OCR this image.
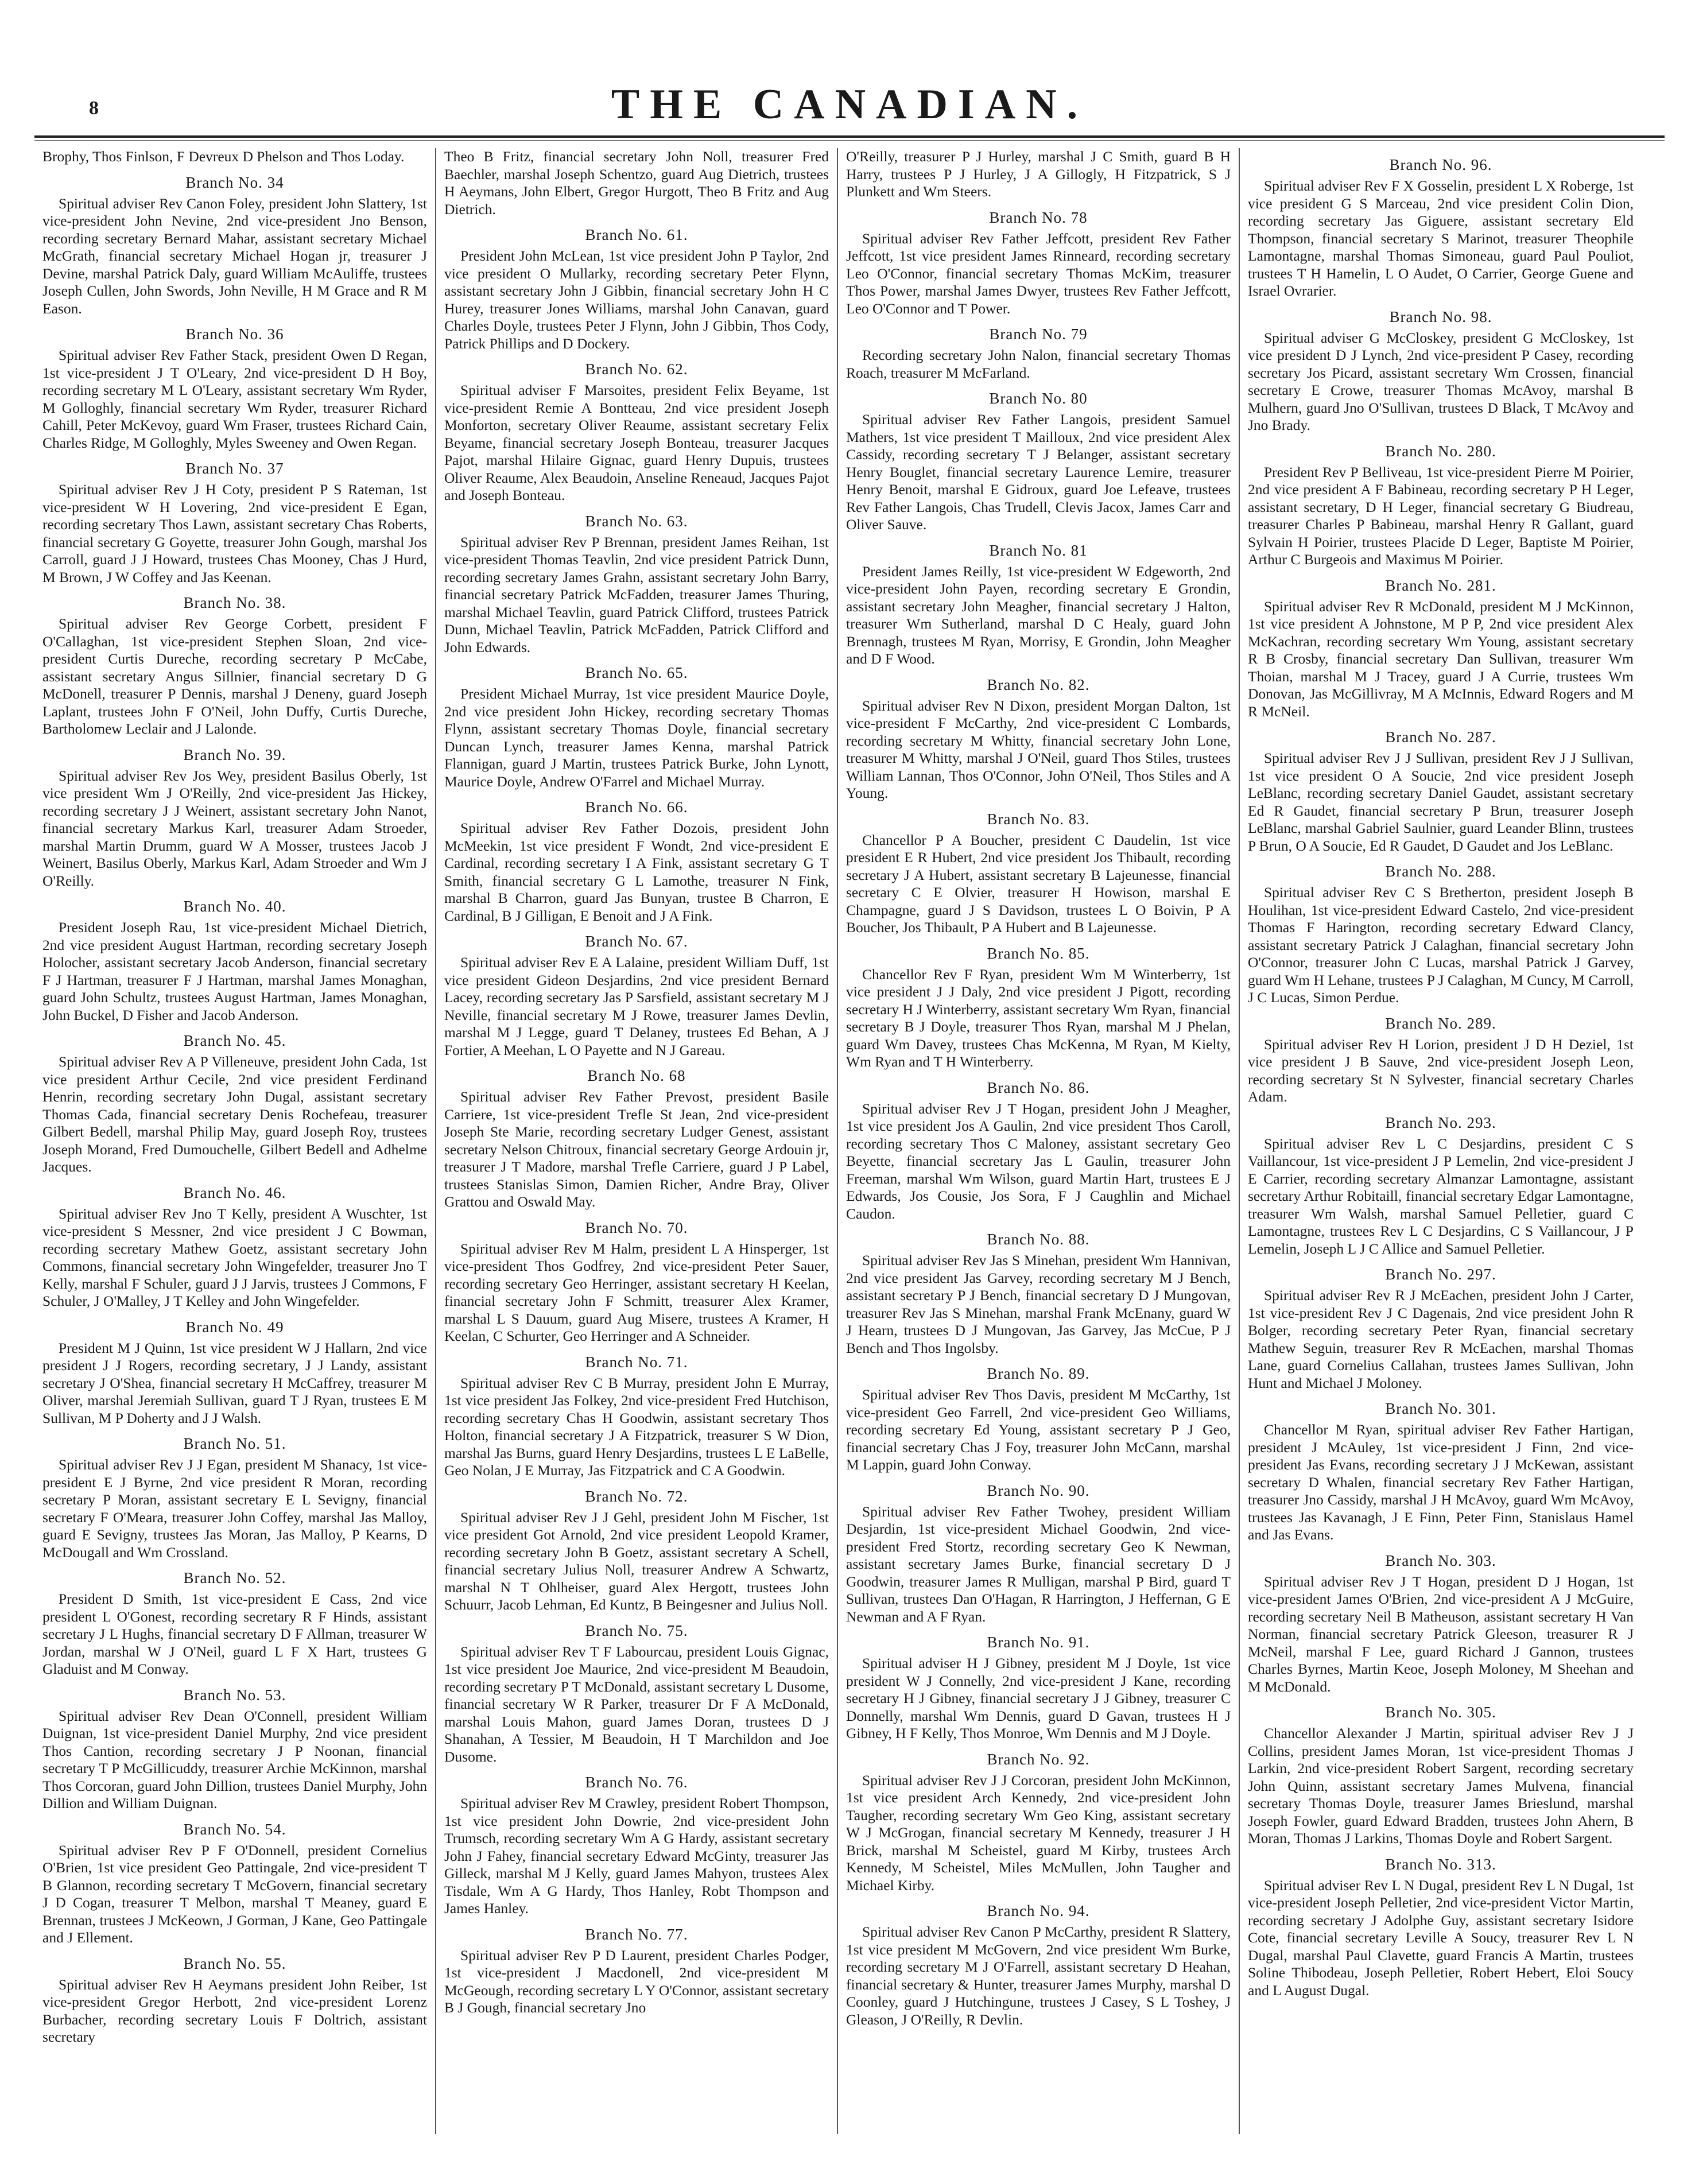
8	THE CANADIAN.

Brophy, Thos Finlson, F Devreux D Phelson and Thos Loday.

Branch No. 34

Spiritual adviser Rev Canon Foley, president John Slattery, 1st vice-president John Nevine, 2nd vice-president Jno Benson, recording secretary Bernard Mahar, assistant secretary Michael McGrath, financial secretary Michael Hogan jr, treasurer J Devine, marshal Patrick Daly, guard William McAuliffe, trustees Joseph Cullen, John Swords, John Neville, H M Grace and R M Eason.

Branch No. 36

Spiritual adviser Rev Father Stack, president Owen D Regan, 1st vice-president J T O'Leary, 2nd vice-president D H Boy, recording secretary M L O'Leary, assistant secretary Wm Ryder, M Golloghly, financial secretary Wm Ryder, treasurer Richard Cahill, Peter McKevoy, guard Wm Fraser, trustees Richard Cain, Charles Ridge, M Golloghly, Myles Sweeney and Owen Regan.

Branch No. 37

Spiritual adviser Rev J H Coty, president P S Rateman, 1st vice-president W H Lovering, 2nd vice-president E Egan, recording secretary Thos Lawn, assistant secretary Chas Roberts, financial secretary G Goyette, treasurer John Gough, marshal Jos Carroll, guard J J Howard, trustees Chas Mooney, Chas J Hurd, M Brown, J W Coffey and Jas Keenan.

Branch No. 38.

Spiritual adviser Rev George Corbett, president F O'Callaghan, 1st vice-president Stephen Sloan, 2nd vice-president Curtis Dureche, recording secretary P McCabe, assistant secretary Angus Sillnier, financial secretary D G McDonell, treasurer P Dennis, marshal J Deneny, guard Joseph Laplant, trustees John F O'Neil, John Duffy, Curtis Dureche, Bartholomew Leclair and J Lalonde.

Branch No. 39.

Spiritual adviser Rev Jos Wey, president Basilus Oberly, 1st vice president Wm J O'Reilly, 2nd vice-president Jas Hickey, recording secretary J J Weinert, assistant secretary John Nanot, financial secretary Markus Karl, treasurer Adam Stroeder, marshal Martin Drumm, guard W A Mosser, trustees Jacob J Weinert, Basilus Oberly, Markus Karl, Adam Stroeder and Wm J O'Reilly.

Branch No. 40.

President Joseph Rau, 1st vice-president Michael Dietrich, 2nd vice president August Hartman, recording secretary Joseph Holocher, assistant secretary Jacob Anderson, financial secretary F J Hartman, treasurer F J Hartman, marshal James Monaghan, guard John Schultz, trustees August Hartman, James Monaghan, John Buckel, D Fisher and Jacob Anderson.

Branch No. 45.

Spiritual adviser Rev A P Villeneuve, president John Cada, 1st vice president Arthur Cecile, 2nd vice president Ferdinand Henrin, recording secretary John Dugal, assistant secretary Thomas Cada, financial secretary Denis Rochefeau, treasurer Gilbert Bedell, marshal Philip May, guard Joseph Roy, trustees Joseph Morand, Fred Dumouchelle, Gilbert Bedell and Adhelme Jacques.

Branch No. 46.

Spiritual adviser Rev Jno T Kelly, president A Wuschter, 1st vice-president S Messner, 2nd vice president J C Bowman, recording secretary Mathew Goetz, assistant secretary John Commons, financial secretary John Wingefelder, treasurer Jno T Kelly, marshal F Schuler, guard J J Jarvis, trustees J Commons, F Schuler, J O'Malley, J T Kelley and John Wingefelder.

Branch No. 49

President M J Quinn, 1st vice president W J Hallarn, 2nd vice president J J Rogers, recording secretary, J J Landy, assistant secretary J O'Shea, financial secretary H McCaffrey, treasurer M Oliver, marshal Jeremiah Sullivan, guard T J Ryan, trustees E M Sullivan, M P Doherty and J J Walsh.

Branch No. 51.

Spiritual adviser Rev J J Egan, president M Shanacy, 1st vice-president E J Byrne, 2nd vice president R Moran, recording secretary P Moran, assistant secretary E L Sevigny, financial secretary F O'Meara, treasurer John Coffey, marshal Jas Malloy, guard E Sevigny, trustees Jas Moran, Jas Malloy, P Kearns, D McDougall and Wm Crossland.

Branch No. 52.

President D Smith, 1st vice-president E Cass, 2nd vice president L O'Gonest, recording secretary R F Hinds, assistant secretary J L Hughs, financial secretary D F Allman, treasurer W Jordan, marshal W J O'Neil, guard L F X Hart, trustees G Gladuist and M Conway.

Branch No. 53.

Spiritual adviser Rev Dean O'Connell, president William Duignan, 1st vice-president Daniel Murphy, 2nd vice president Thos Cantion, recording secretary J P Noonan, financial secretary T P McGillicuddy, treasurer Archie McKinnon, marshal Thos Corcoran, guard John Dillion, trustees Daniel Murphy, John Dillion and William Duignan.

Branch No. 54.

Spiritual adviser Rev P F O'Donnell, president Cornelius O'Brien, 1st vice president Geo Pattingale, 2nd vice-president T B Glannon, recording secretary T McGovern, financial secretary J D Cogan, treasurer T Melbon, marshal T Meaney, guard E Brennan, trustees J McKeown, J Gorman, J Kane, Geo Pattingale and J Ellement.

Branch No. 55.

Spiritual adviser Rev H Aeymans president John Reiber, 1st vice-president Gregor Herbott, 2nd vice-president Lorenz Burbacher, recording secretary Louis F Doltrich, assistant secretary

Theo B Fritz, financial secretary John Noll, treasurer Fred Baechler, marshal Joseph Schentzo, guard Aug Dietrich, trustees H Aeymans, John Elbert, Gregor Hurgott, Theo B Fritz and Aug Dietrich.

Branch No. 61.

President John McLean, 1st vice president John P Taylor, 2nd vice president O Mullarky, recording secretary Peter Flynn, assistant secretary John J Gibbin, financial secretary John H C Hurey, treasurer Jones Williams, marshal John Canavan, guard Charles Doyle, trustees Peter J Flynn, John J Gibbin, Thos Cody, Patrick Phillips and D Dockery.

Branch No. 62.

Spiritual adviser F Marsoites, president Felix Beyame, 1st vice-president Remie A Bontteau, 2nd vice president Joseph Monforton, secretary Oliver Reaume, assistant secretary Felix Beyame, financial secretary Joseph Bonteau, treasurer Jacques Pajot, marshal Hilaire Gignac, guard Henry Dupuis, trustees Oliver Reaume, Alex Beaudoin, Anseline Reneaud, Jacques Pajot and Joseph Bonteau.

Branch No. 63.

Spiritual adviser Rev P Brennan, president James Reihan, 1st vice-president Thomas Teavlin, 2nd vice president Patrick Dunn, recording secretary James Grahn, assistant secretary John Barry, financial secretary Patrick McFadden, treasurer James Thuring, marshal Michael Teavlin, guard Patrick Clifford, trustees Patrick Dunn, Michael Teavlin, Patrick McFadden, Patrick Clifford and John Edwards.

Branch No. 65.

President Michael Murray, 1st vice president Maurice Doyle, 2nd vice president John Hickey, recording secretary Thomas Flynn, assistant secretary Thomas Doyle, financial secretary Duncan Lynch, treasurer James Kenna, marshal Patrick Flannigan, guard J Martin, trustees Patrick Burke, John Lynott, Maurice Doyle, Andrew O'Farrel and Michael Murray.

Branch No. 66.

Spiritual adviser Rev Father Dozois, president John McMeekin, 1st vice president F Wondt, 2nd vice-president E Cardinal, recording secretary I A Fink, assistant secretary G T Smith, financial secretary G L Lamothe, treasurer N Fink, marshal B Charron, guard Jas Bunyan, trustee B Charron, E Cardinal, B J Gilligan, E Benoit and J A Fink.

Branch No. 67.

Spiritual adviser Rev E A Lalaine, president William Duff, 1st vice president Gideon Desjardins, 2nd vice president Bernard Lacey, recording secretary Jas P Sarsfield, assistant secretary M J Neville, financial secretary M J Rowe, treasurer James Devlin, marshal M J Legge, guard T Delaney, trustees Ed Behan, A J Fortier, A Meehan, L O Payette and N J Gareau.

Branch No. 68

Spiritual adviser Rev Father Prevost, president Basile Carriere, 1st vice-president Trefle St Jean, 2nd vice-president Joseph Ste Marie, recording secretary Ludger Genest, assistant secretary Nelson Chitroux, financial secretary George Ardouin jr, treasurer J T Madore, marshal Trefle Carriere, guard J P Label, trustees Stanislas Simon, Damien Richer, Andre Bray, Oliver Grattou and Oswald May.

Branch No. 70.

Spiritual adviser Rev M Halm, president L A Hinsperger, 1st vice-president Thos Godfrey, 2nd vice-president Peter Sauer, recording secretary Geo Herringer, assistant secretary H Keelan, financial secretary John F Schmitt, treasurer Alex Kramer, marshal L S Dauum, guard Aug Misere, trustees A Kramer, H Keelan, C Schurter, Geo Herringer and A Schneider.

Branch No. 71.

Spiritual adviser Rev C B Murray, president John E Murray, 1st vice president Jas Folkey, 2nd vice-president Fred Hutchison, recording secretary Chas H Goodwin, assistant secretary Thos Holton, financial secretary J A Fitzpatrick, treasurer S W Dion, marshal Jas Burns, guard Henry Desjardins, trustees L E LaBelle, Geo Nolan, J E Murray, Jas Fitzpatrick and C A Goodwin.

Branch No. 72.

Spiritual adviser Rev J J Gehl, president John M Fischer, 1st vice president Got Arnold, 2nd vice president Leopold Kramer, recording secretary John B Goetz, assistant secretary A Schell, financial secretary Julius Noll, treasurer Andrew A Schwartz, marshal N T Ohlheiser, guard Alex Hergott, trustees John Schuurr, Jacob Lehman, Ed Kuntz, B Beingesner and Julius Noll.

Branch No. 75.

Spiritual adviser Rev T F Labourcau, president Louis Gignac, 1st vice president Joe Maurice, 2nd vice-president M Beaudoin, recording secretary P T McDonald, assistant secretary L Dusome, financial secretary W R Parker, treasurer Dr F A McDonald, marshal Louis Mahon, guard James Doran, trustees D J Shanahan, A Tessier, M Beaudoin, H T Marchildon and Joe Dusome.

Branch No. 76.

Spiritual adviser Rev M Crawley, president Robert Thompson, 1st vice president John Dowrie, 2nd vice-president John Trumsch, recording secretary Wm A G Hardy, assistant secretary John J Fahey, financial secretary Edward McGinty, treasurer Jas Gilleck, marshal M J Kelly, guard James Mahyon, trustees Alex Tisdale, Wm A G Hardy, Thos Hanley, Robt Thompson and James Hanley.

Branch No. 77.

Spiritual adviser Rev P D Laurent, president Charles Podger, 1st vice-president J Macdonell, 2nd vice-president M McGeough, recording secretary L Y O'Connor, assistant secretary B J Gough, financial secretary Jno

O'Reilly, treasurer P J Hurley, marshal J C Smith, guard B H Harry, trustees P J Hurley, J A Gillogly, H Fitzpatrick, S J Plunkett and Wm Steers.

Branch No. 78

Spiritual adviser Rev Father Jeffcott, president Rev Father Jeffcott, 1st vice president James Rinneard, recording secretary Leo O'Connor, financial secretary Thomas McKim, treasurer Thos Power, marshal James Dwyer, trustees Rev Father Jeffcott, Leo O'Connor and T Power.

Branch No. 79

Recording secretary John Nalon, financial secretary Thomas Roach, treasurer M McFarland.

Branch No. 80

Spiritual adviser Rev Father Langois, president Samuel Mathers, 1st vice president T Mailloux, 2nd vice president Alex Cassidy, recording secretary T J Belanger, assistant secretary Henry Bouglet, financial secretary Laurence Lemire, treasurer Henry Benoit, marshal E Gidroux, guard Joe Lefeave, trustees Rev Father Langois, Chas Trudell, Clevis Jacox, James Carr and Oliver Sauve.

Branch No. 81

President James Reilly, 1st vice-president W Edgeworth, 2nd vice-president John Payen, recording secretary E Grondin, assistant secretary John Meagher, financial secretary J Halton, treasurer Wm Sutherland, marshal D C Healy, guard John Brennagh, trustees M Ryan, Morrisy, E Grondin, John Meagher and D F Wood.

Branch No. 82.

Spiritual adviser Rev N Dixon, president Morgan Dalton, 1st vice-president F McCarthy, 2nd vice-president C Lombards, recording secretary M Whitty, financial secretary John Lone, treasurer M Whitty, marshal J O'Neil, guard Thos Stiles, trustees William Lannan, Thos O'Connor, John O'Neil, Thos Stiles and A Young.

Branch No. 83.

Chancellor P A Boucher, president C Daudelin, 1st vice president E R Hubert, 2nd vice president Jos Thibault, recording secretary J A Hubert, assistant secretary B Lajeunesse, financial secretary C E Olvier, treasurer H Howison, marshal E Champagne, guard J S Davidson, trustees L O Boivin, P A Boucher, Jos Thibault, P A Hubert and B Lajeunesse.

Branch No. 85.

Chancellor Rev F Ryan, president Wm M Winterberry, 1st vice president J J Daly, 2nd vice president J Pigott, recording secretary H J Winterberry, assistant secretary Wm Ryan, financial secretary B J Doyle, treasurer Thos Ryan, marshal M J Phelan, guard Wm Davey, trustees Chas McKenna, M Ryan, M Kielty, Wm Ryan and T H Winterberry.

Branch No. 86.

Spiritual adviser Rev J T Hogan, president John J Meagher, 1st vice president Jos A Gaulin, 2nd vice president Thos Caroll, recording secretary Thos C Maloney, assistant secretary Geo Beyette, financial secretary Jas L Gaulin, treasurer John Freeman, marshal Wm Wilson, guard Martin Hart, trustees E J Edwards, Jos Cousie, Jos Sora, F J Caughlin and Michael Caudon.

Branch No. 88.

Spiritual adviser Rev Jas S Minehan, president Wm Hannivan, 2nd vice president Jas Garvey, recording secretary M J Bench, assistant secretary P J Bench, financial secretary D J Mungovan, treasurer Rev Jas S Minehan, marshal Frank McEnany, guard W J Hearn, trustees D J Mungovan, Jas Garvey, Jas McCue, P J Bench and Thos Ingolsby.

Branch No. 89.

Spiritual adviser Rev Thos Davis, president M McCarthy, 1st vice-president Geo Farrell, 2nd vice-president Geo Williams, recording secretary Ed Young, assistant secretary P J Geo, financial secretary Chas J Foy, treasurer John McCann, marshal M Lappin, guard John Conway.

Branch No. 90.

Spiritual adviser Rev Father Twohey, president William Desjardin, 1st vice-president Michael Goodwin, 2nd vice-president Fred Stortz, recording secretary Geo K Newman, assistant secretary James Burke, financial secretary D J Goodwin, treasurer James R Mulligan, marshal P Bird, guard T Sullivan, trustees Dan O'Hagan, R Harrington, J Heffernan, G E Newman and A F Ryan.

Branch No. 91.

Spiritual adviser H J Gibney, president M J Doyle, 1st vice president W J Connelly, 2nd vice-president J Kane, recording secretary H J Gibney, financial secretary J J Gibney, treasurer C Donnelly, marshal Wm Dennis, guard D Gavan, trustees H J Gibney, H F Kelly, Thos Monroe, Wm Dennis and M J Doyle.

Branch No. 92.

Spiritual adviser Rev J J Corcoran, president John McKinnon, 1st vice president Arch Kennedy, 2nd vice-president John Taugher, recording secretary Wm Geo King, assistant secretary W J McGrogan, financial secretary M Kennedy, treasurer J H Brick, marshal M Scheistel, guard M Kirby, trustees Arch Kennedy, M Scheistel, Miles McMullen, John Taugher and Michael Kirby.

Branch No. 94.

Spiritual adviser Rev Canon P McCarthy, president R Slattery, 1st vice president M McGovern, 2nd vice president Wm Burke, recording secretary M J O'Farrell, assistant secretary D Heahan, financial secretary & Hunter, treasurer James Murphy, marshal D Coonley, guard J Hutchingune, trustees J Casey, S L Toshey, J Gleason, J O'Reilly, R Devlin.

Branch No. 96.

Spiritual adviser Rev F X Gosselin, president L X Roberge, 1st vice president G S Marceau, 2nd vice president Colin Dion, recording secretary Jas Giguere, assistant secretary Eld Thompson, financial secretary S Marinot, treasurer Theophile Lamontagne, marshal Thomas Simoneau, guard Paul Pouliot, trustees T H Hamelin, L O Audet, O Carrier, George Guene and Israel Ovrarier.

Branch No. 98.

Spiritual adviser G McCloskey, president G McCloskey, 1st vice president D J Lynch, 2nd vice-president P Casey, recording secretary Jos Picard, assistant secretary Wm Crossen, financial secretary E Crowe, treasurer Thomas McAvoy, marshal B Mulhern, guard Jno O'Sullivan, trustees D Black, T McAvoy and Jno Brady.

Branch No. 280.

President Rev P Belliveau, 1st vice-president Pierre M Poirier, 2nd vice president A F Babineau, recording secretary P H Leger, assistant secretary, D H Leger, financial secretary G Biudreau, treasurer Charles P Babineau, marshal Henry R Gallant, guard Sylvain H Poirier, trustees Placide D Leger, Baptiste M Poirier, Arthur C Burgeois and Maximus M Poirier.

Branch No. 281.

Spiritual adviser Rev R McDonald, president M J McKinnon, 1st vice president A Johnstone, M P P, 2nd vice president Alex McKachran, recording secretary Wm Young, assistant secretary R B Crosby, financial secretary Dan Sullivan, treasurer Wm Thoian, marshal M J Tracey, guard J A Currie, trustees Wm Donovan, Jas McGillivray, M A McInnis, Edward Rogers and M R McNeil.

Branch No. 287.

Spiritual adviser Rev J J Sullivan, president Rev J J Sullivan, 1st vice president O A Soucie, 2nd vice president Joseph LeBlanc, recording secretary Daniel Gaudet, assistant secretary Ed R Gaudet, financial secretary P Brun, treasurer Joseph LeBlanc, marshal Gabriel Saulnier, guard Leander Blinn, trustees P Brun, O A Soucie, Ed R Gaudet, D Gaudet and Jos LeBlanc.

Branch No. 288.

Spiritual adviser Rev C S Bretherton, president Joseph B Houlihan, 1st vice-president Edward Castelo, 2nd vice-president Thomas F Harington, recording secretary Edward Clancy, assistant secretary Patrick J Calaghan, financial secretary John O'Connor, treasurer John C Lucas, marshal Patrick J Garvey, guard Wm H Lehane, trustees P J Calaghan, M Cuncy, M Carroll, J C Lucas, Simon Perdue.

Branch No. 289.

Spiritual adviser Rev H Lorion, president J D H Deziel, 1st vice president J B Sauve, 2nd vice-president Joseph Leon, recording secretary St N Sylvester, financial secretary Charles Adam.

Branch No. 293.

Spiritual adviser Rev L C Desjardins, president C S Vaillancour, 1st vice-president J P Lemelin, 2nd vice-president J E Carrier, recording secretary Almanzar Lamontagne, assistant secretary Arthur Robitaill, financial secretary Edgar Lamontagne, treasurer Wm Walsh, marshal Samuel Pelletier, guard C Lamontagne, trustees Rev L C Desjardins, C S Vaillancour, J P Lemelin, Joseph L J C Allice and Samuel Pelletier.

Branch No. 297.

Spiritual adviser Rev R J McEachen, president John J Carter, 1st vice-president Rev J C Dagenais, 2nd vice president John R Bolger, recording secretary Peter Ryan, financial secretary Mathew Seguin, treasurer Rev R McEachen, marshal Thomas Lane, guard Cornelius Callahan, trustees James Sullivan, John Hunt and Michael J Moloney.

Branch No. 301.

Chancellor M Ryan, spiritual adviser Rev Father Hartigan, president J McAuley, 1st vice-president J Finn, 2nd vice-president Jas Evans, recording secretary J J McKewan, assistant secretary D Whalen, financial secretary Rev Father Hartigan, treasurer Jno Cassidy, marshal J H McAvoy, guard Wm McAvoy, trustees Jas Kavanagh, J E Finn, Peter Finn, Stanislaus Hamel and Jas Evans.

Branch No. 303.

Spiritual adviser Rev J T Hogan, president D J Hogan, 1st vice-president James O'Brien, 2nd vice-president A J McGuire, recording secretary Neil B Matheuson, assistant secretary H Van Norman, financial secretary Patrick Gleeson, treasurer R J McNeil, marshal F Lee, guard Richard J Gannon, trustees Charles Byrnes, Martin Keoe, Joseph Moloney, M Sheehan and M McDonald.

Branch No. 305.

Chancellor Alexander J Martin, spiritual adviser Rev J J Collins, president James Moran, 1st vice-president Thomas J Larkin, 2nd vice-president Robert Sargent, recording secretary John Quinn, assistant secretary James Mulvena, financial secretary Thomas Doyle, treasurer James Brieslund, marshal Joseph Fowler, guard Edward Bradden, trustees John Ahern, B Moran, Thomas J Larkins, Thomas Doyle and Robert Sargent.

Branch No. 313.

Spiritual adviser Rev L N Dugal, president Rev L N Dugal, 1st vice-president Joseph Pelletier, 2nd vice-president Victor Martin, recording secretary J Adolphe Guy, assistant secretary Isidore Cote, financial secretary Leville A Soucy, treasurer Rev L N Dugal, marshal Paul Clavette, guard Francis A Martin, trustees Soline Thibodeau, Joseph Pelletier, Robert Hebert, Eloi Soucy and L August Dugal.
